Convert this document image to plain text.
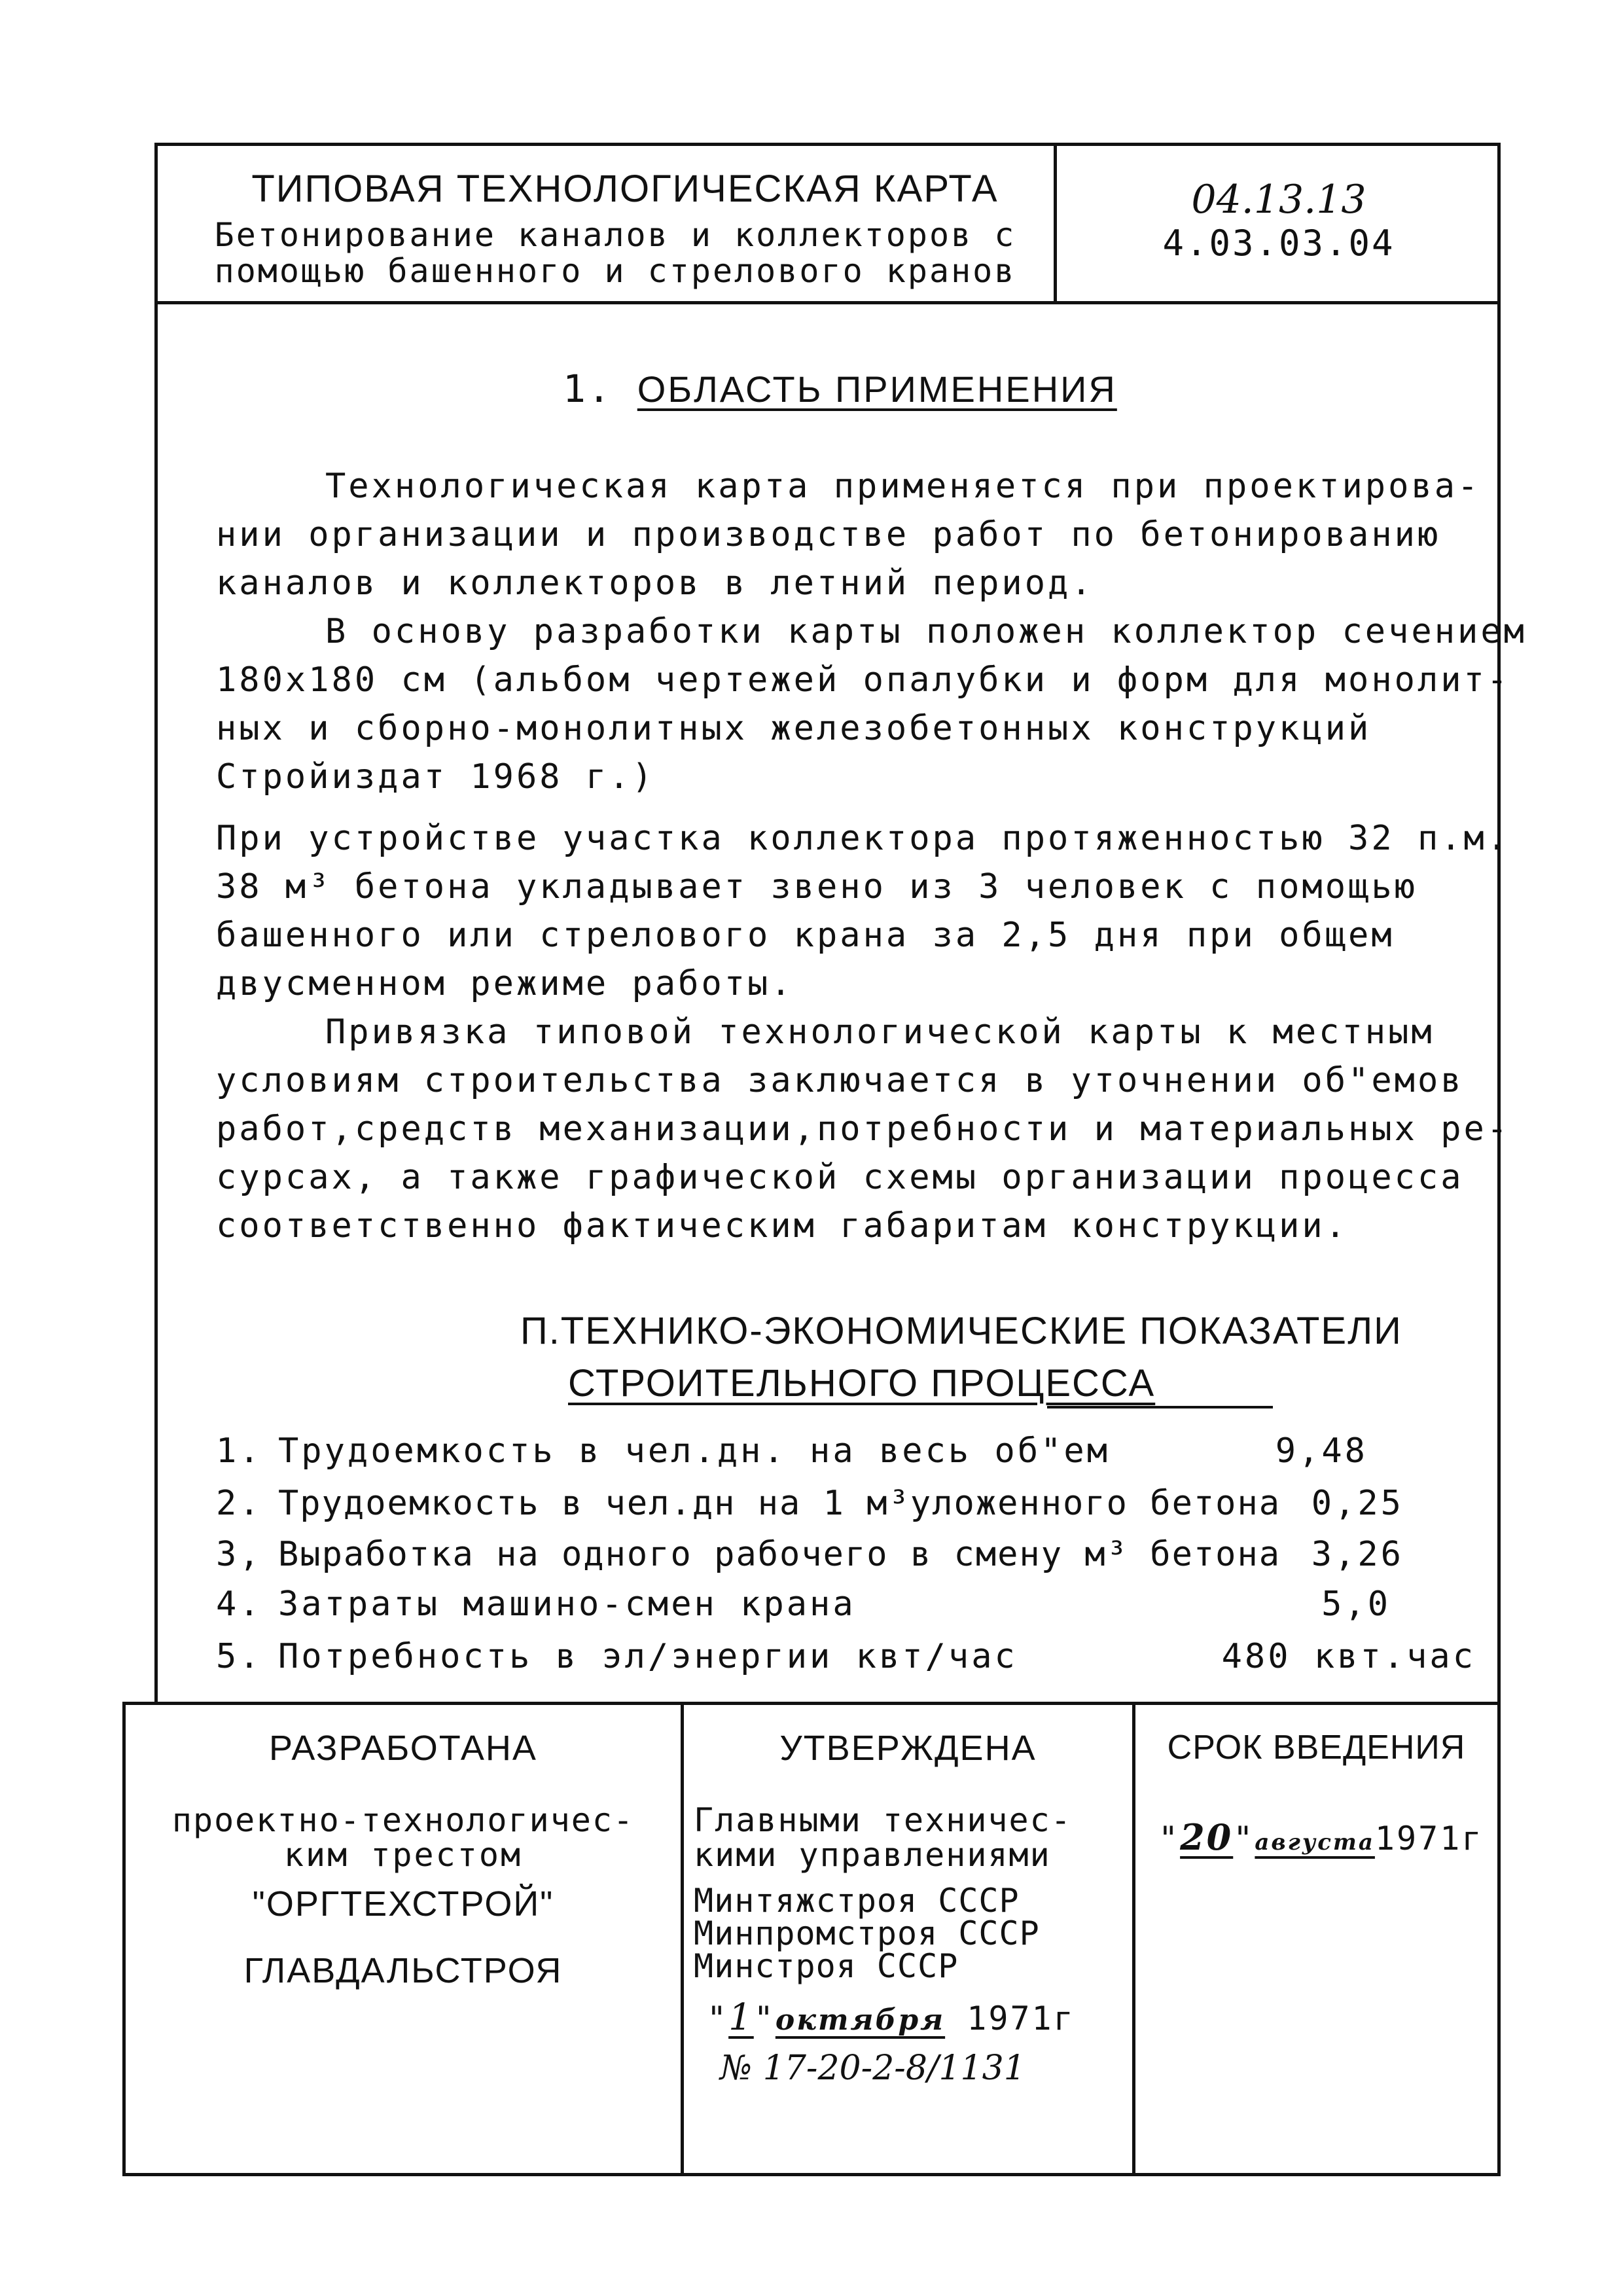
ТИПОВАЯ ТЕХНОЛОГИЧЕСКАЯ КАРТА
Бетонирование каналов и коллекторов с
помощью башенного и стрелового кранов
04.13.13
4.03.03.04
1. ОБЛАСТЬ ПРИМЕНЕНИЯ
Технологическая карта применяется при проектирова-
нии организации и производстве работ по бетонированию
каналов и коллекторов в летний период.
В основу разработки карты положен коллектор сечением
180х180 см (альбом чертежей опалубки и форм для монолит-
ных и сборно-монолитных железобетонных конструкций
Стройиздат 1968 г.)
При устройстве участка коллектора протяженностью 32 п.м.
38 м³ бетона укладывает звено из 3 человек с помощью
башенного или стрелового крана за 2,5 дня при общем
двусменном режиме работы.
Привязка типовой технологической карты к местным
условиям строительства заключается в уточнении об"емов
работ,средств механизации,потребности и материальных ре-
сурсах, а также графической схемы организации процесса
соответственно фактическим габаритам конструкции.
П.ТЕХНИКО-ЭКОНОМИЧЕСКИЕ ПОКАЗАТЕЛИ
СТРОИТЕЛЬНОГО ПРОЦЕССА
1. Трудоемкость в чел.дн. на весь об"ем	9,48
2. Трудоемкость в чел.дн на 1 м³уложенного бетона 0,25
3, Выработка на одного рабочего в смену м³ бетона 3,26
4. Затраты машино-смен крана	5,0
5. Потребность в эл/энергии квт/час	480 квт.час
РАЗРАБОТАНА
проектно-технологичес-
ким трестом
"ОРГТЕХСТРОЙ"
ГЛАВДАЛЬСТРОЯ
УТВЕРЖДЕНА
Главными техничес-
кими управлениями
Минтяжстроя СССР
Минпромстроя СССР
Минстроя СССР
"1"октября 1971г
№ 17-20-2-8/1131
СРОК ВВЕДЕНИЯ
"20"августа1971г
